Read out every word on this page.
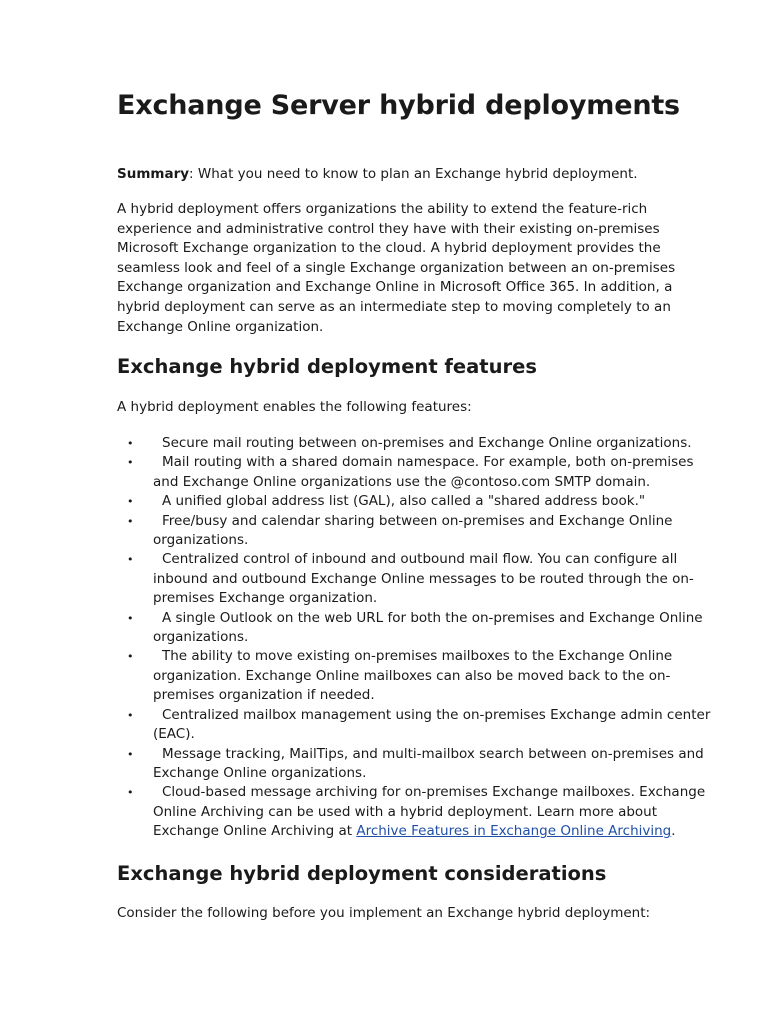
Exchange Server hybrid deployments

Summary: What you need to know to plan an Exchange hybrid deployment.

A hybrid deployment offers organizations the ability to extend the feature-rich
experience and administrative control they have with their existing on-premises
Microsoft Exchange organization to the cloud. A hybrid deployment provides the
seamless look and feel of a single Exchange organization between an on-premises
Exchange organization and Exchange Online in Microsoft Office 365. In addition, a
hybrid deployment can serve as an intermediate step to moving completely to an
Exchange Online organization.

Exchange hybrid deployment features

A hybrid deployment enables the following features:

• Secure mail routing between on-premises and Exchange Online organizations.
• Mail routing with a shared domain namespace. For example, both on-premises
and Exchange Online organizations use the @contoso.com SMTP domain.
• A unified global address list (GAL), also called a "shared address book."
• Free/busy and calendar sharing between on-premises and Exchange Online
organizations.
• Centralized control of inbound and outbound mail flow. You can configure all
inbound and outbound Exchange Online messages to be routed through the on-
premises Exchange organization.
• A single Outlook on the web URL for both the on-premises and Exchange Online
organizations.
• The ability to move existing on-premises mailboxes to the Exchange Online
organization. Exchange Online mailboxes can also be moved back to the on-
premises organization if needed.
• Centralized mailbox management using the on-premises Exchange admin center
(EAC).
• Message tracking, MailTips, and multi-mailbox search between on-premises and
Exchange Online organizations.
• Cloud-based message archiving for on-premises Exchange mailboxes. Exchange
Online Archiving can be used with a hybrid deployment. Learn more about
Exchange Online Archiving at Archive Features in Exchange Online Archiving.
Exchange hybrid deployment considerations

Consider the following before you implement an Exchange hybrid deployment:
